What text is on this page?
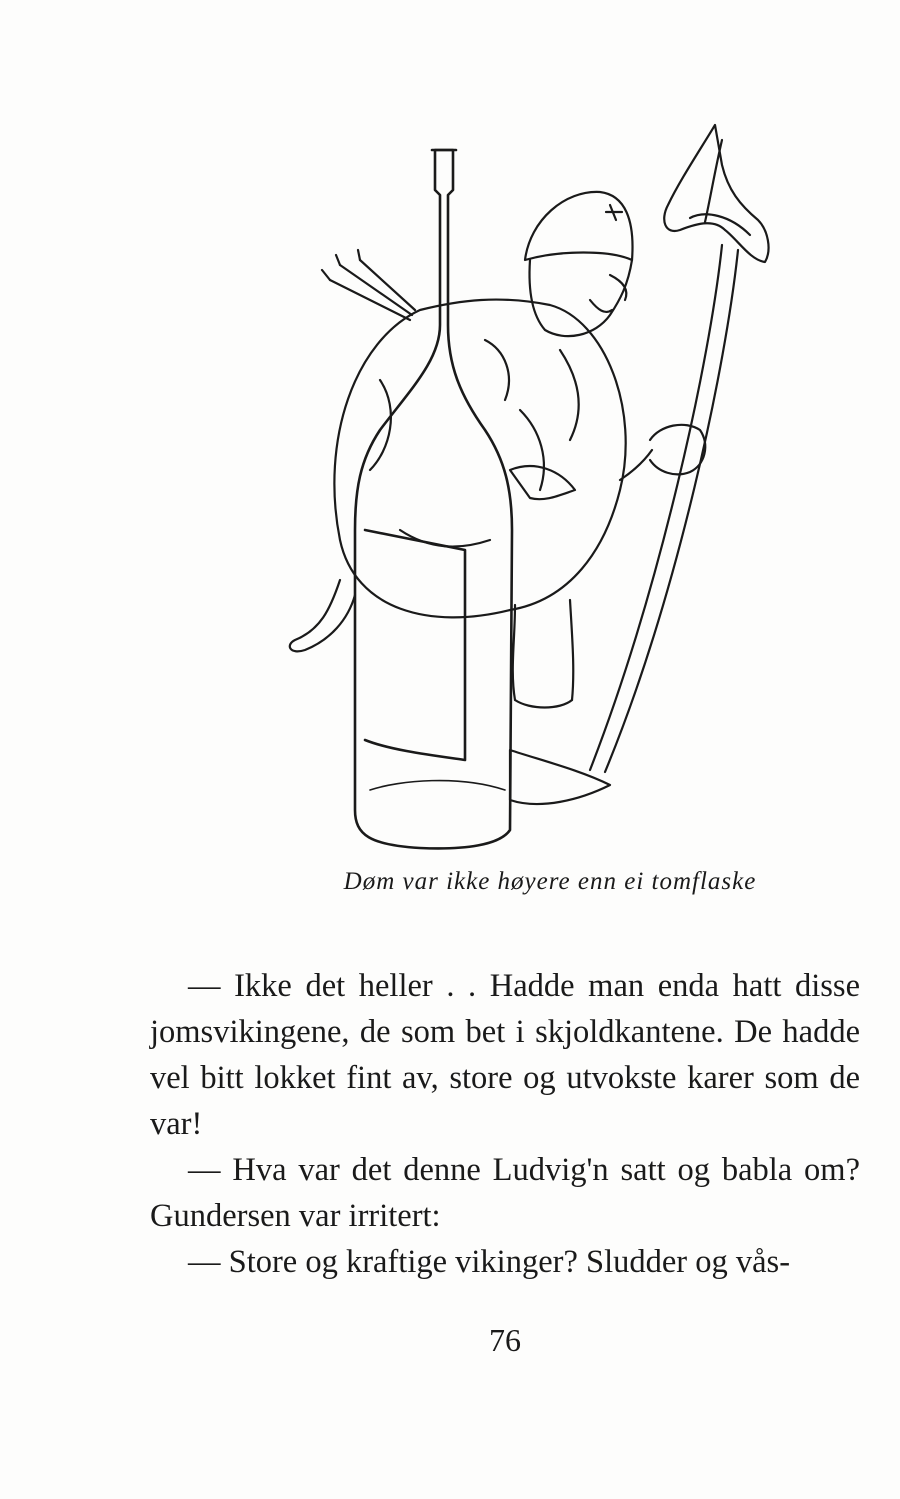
Døm var ikke høyere enn ei tomflaske

— Ikke det heller . . Hadde man enda hatt disse jomsvikingene, de som bet i skjoldkantene. De hadde vel bitt lokket fint av, store og utvokste karer som de var!

— Hva var det denne Ludvig'n satt og babla om? Gundersen var irritert:

— Store og kraftige vikinger? Sludder og vås-

76
